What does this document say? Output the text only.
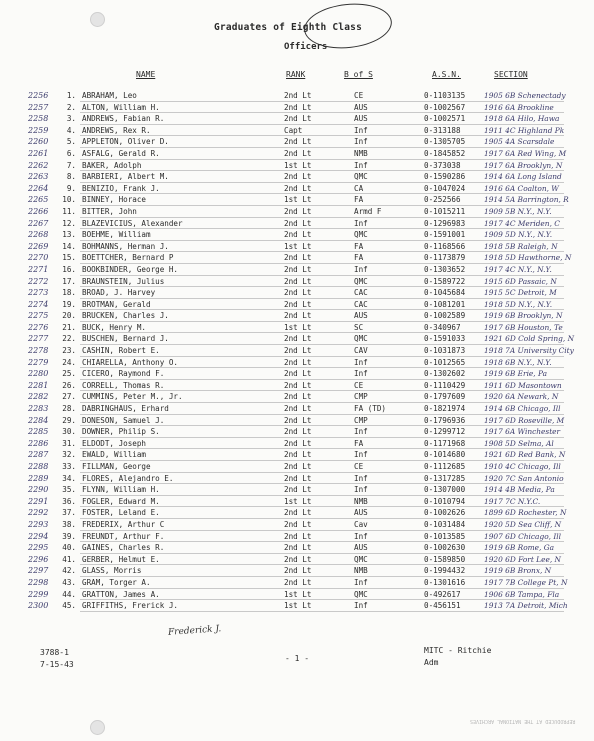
Graduates of Eighth Class
Officers
NAME	RANK	B of S	A.S.N.	SECTION
2256	1. ABRAHAM, Leo	2nd Lt	CE	0-1103135	1905 6B Schenectady
2257	2. ALTON, William H.	2nd Lt	AUS	0-1002567	1916 6A Brookline
2258	3. ANDREWS, Fabian R.	2nd Lt	AUS	0-1002571	1918 6A Hilo, Hawa
2259	4. ANDREWS, Rex R.	Capt	Inf	0-313188	1911 4C Highland Pk
2260	5. APPLETON, Oliver D.	2nd Lt	Inf	0-1305705	1905 4A Scarsdale
2261	6. ASFALG, Gerald R.	2nd Lt	NMB	0-1845852	1917 6A Red Wing, M
2262	7. BAKER, Adolph	1st Lt	Inf	0-373038	1917 6A Brooklyn, N
2263	8. BARBIERI, Albert M.	2nd Lt	QMC	0-1590286	1914 6A Long Island
2264	9. BENIZIO, Frank J.	2nd Lt	CA	0-1047024	1916 6A Coalton, W
2265	10. BINNEY, Horace	1st Lt	FA	0-252566	1914 5A Barrington, R
2266	11. BITTER, John	2nd Lt	Armd F	0-1015211	1909 5B N.Y., N.Y.
2267	12. BLAZEVICIUS, Alexander	2nd Lt	Inf	0-1296983	1917 4C Meriden, C
2268	13. BOEHME, William	2nd Lt	QMC	0-1591001	1909 5D N.Y., N.Y.
2269	14. BOHMANNS, Herman J.	1st Lt	FA	0-1168566	1918 5B Raleigh, N
2270	15. BOETTCHER, Bernard P	2nd Lt	FA	0-1173879	1918 5D Hawthorne, N
2271	16. BOOKBINDER, George H.	2nd Lt	Inf	0-1303652	1917 4C N.Y., N.Y.
2272	17. BRAUNSTEIN, Julius	2nd Lt	QMC	0-1589722	1915 6D Passaic, N
2273	18. BROAD, J. Harvey	2nd Lt	CAC	0-1045684	1915 5C Detroit, M
2274	19. BROTMAN, Gerald	2nd Lt	CAC	0-1081201	1918 5D N.Y., N.Y.
2275	20. BRUCKEN, Charles J.	2nd Lt	AUS	0-1002589	1919 6B Brooklyn, N
2276	21. BUCK, Henry M.	1st Lt	SC	0-340967	1917 6B Houston, Te
2277	22. BUSCHEN, Bernard J.	2nd Lt	QMC	0-1591033	1921 6D Cold Spring, N
2278	23. CASHIN, Robert E.	2nd Lt	CAV	0-1031873	1918 7A University City
2279	24. CHIARELLA, Anthony O.	2nd Lt	Inf	0-1012565	1918 6B N.Y., N.Y.
2280	25. CICERO, Raymond F.	2nd Lt	Inf	0-1302602	1919 6B Erie, Pa
2281	26. CORRELL, Thomas R.	2nd Lt	CE	0-1110429	1911 6D Masontown
2282	27. CUMMINS, Peter M., Jr.	2nd Lt	CMP	0-1797609	1920 6A Newark, N
2283	28. DABRINGHAUS, Erhard	2nd Lt	FA (TD)	0-1821974	1914 6B Chicago, Ill
2284	29. DONESON, Samuel J.	2nd Lt	CMP	0-1796936	1917 6D Roseville, M
2285	30. DOWNER, Philip S.	2nd Lt	Inf	0-1299712	1917 6A Winchester
2286	31. ELDODT, Joseph	2nd Lt	FA	0-1171968	1908 5D Selma, Al
2287	32. EWALD, William	2nd Lt	Inf	0-1014680	1921 6D Red Bank, N
2288	33. FILLMAN, George	2nd Lt	CE	0-1112685	1910 4C Chicago, Ill
2289	34. FLORES, Alejandro E.	2nd Lt	Inf	0-1317285	1920 7C San Antonio
2290	35. FLYNN, William H.	2nd Lt	Inf	0-1307000	1914 4B Media, Pa
2291	36. FOGLER, Edward M.	1st Lt	NMB	0-1010794	1917 7C N.Y.C.
2292	37. FOSTER, Leland E.	2nd Lt	AUS	0-1002626	1899 6D Rochester, N
2293	38. FREDERIX, Arthur C	2nd Lt	Cav	0-1031484	1920 5D Sea Cliff, N
2294	39. FREUNDT, Arthur F.	2nd Lt	Inf	0-1013585	1907 6D Chicago, Ill
2295	40. GAINES, Charles R.	2nd Lt	AUS	0-1002630	1919 6B Rome, Ga
2296	41. GERBER, Helmut E.	2nd Lt	QMC	0-1589850	1920 6D Fort Lee, N
2297	42. GLASS, Morris	2nd Lt	NMB	0-1994432	1919 6B Bronx, N
2298	43. GRAM, Torger A.	2nd Lt	Inf	0-1301616	1917 7B College Pt, N
2299	44. GRATTON, James A.	1st Lt	QMC	0-492617	1906 6B Tampa, Fla
2300	45. GRIFFITHS, Frerick J.	1st Lt	Inf	0-456151	1913 7A Detroit, Mich
Frederick J.
3788-1
7-15-43
- 1 -
MITC - Ritchie
Adm
REPRODUCED AT THE NATIONAL ARCHIVES
